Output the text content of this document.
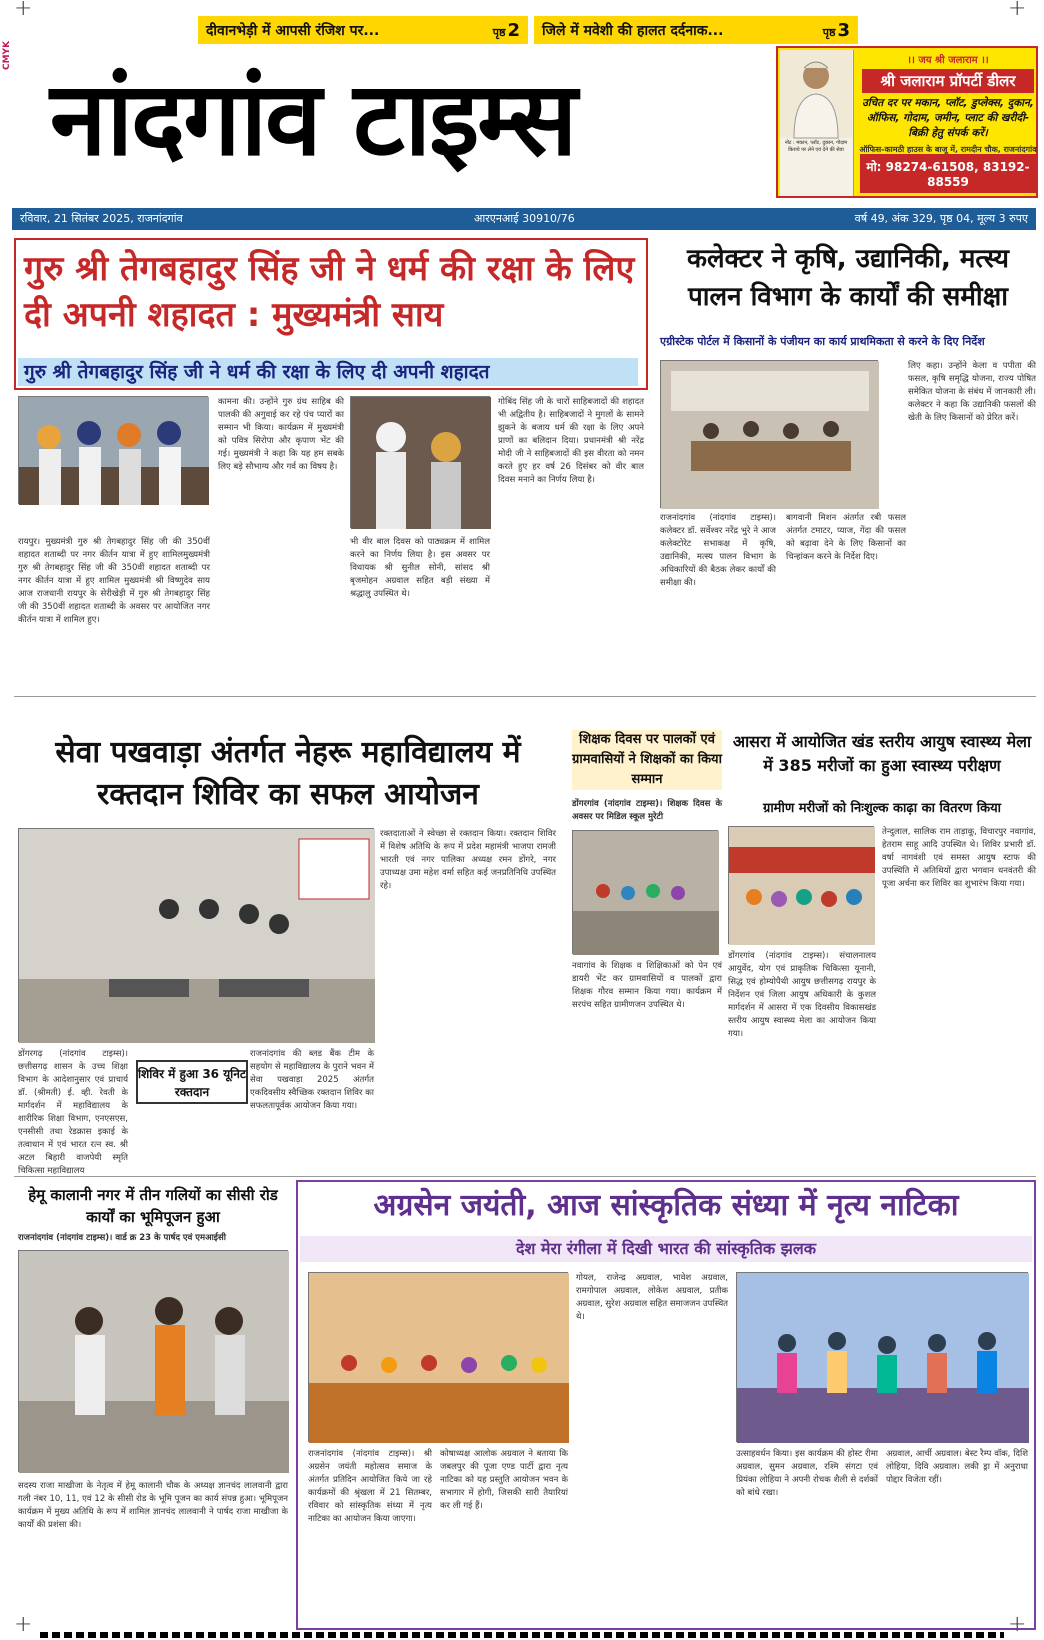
+	+
+	+
CMYK
दीवानभेड़ी में आपसी रंजिश पर...	पृष्ठ 2 जिले में मवेशी की हालत दर्दनाक...	पृष्ठ 3
नांदगांव टाइम्स	नोट : मकान, प्लॉट, दुकान, गोदाम किराये पर लेने एवं देने की सेवा
।। जय श्री जलाराम ।।
श्री जलाराम प्रॉपर्टी डीलर
उचित दर पर मकान, प्लॉट, डुप्लेक्स, दुकान, ऑफिस, गोदाम, जमीन, प्लाट की खरीदी-बिक्री हेतु संपर्क करें।
ऑफिस-कामठी हाउस के बाजू में, रामदीन चौक, राजनांदगांव
मो: 98274-61508, 83192-88559
रविवार, 21 सितंबर 2025, राजनांदगांव	आरएनआई 30910/76	वर्ष 49, अंक 329, पृष्ठ 04, मूल्य 3 रुपए
गुरु श्री तेगबहादुर सिंह जी ने धर्म की रक्षा के लिए दी अपनी शहादत : मुख्यमंत्री साय
गुरु श्री तेगबहादुर सिंह जी ने धर्म की रक्षा के लिए दी अपनी शहादत
रायपुर। मुख्यमंत्री गुरु श्री तेगबहादुर सिंह जी की 350वीं शहादत शताब्दी पर नगर कीर्तन यात्रा में हुए शामिलमुख्यमंत्री गुरु श्री तेगबहादुर सिंह जी की 350वीं शहादत शताब्दी पर नगर कीर्तन यात्रा में हुए शामिल मुख्यमंत्री श्री विष्णुदेव साय आज राजधानी रायपुर के सेरीखेड़ी में गुरु श्री तेगबहादुर सिंह जी की 350वीं शहादत शताब्दी के अवसर पर आयोजित नगर कीर्तन यात्रा में शामिल हुए।
कामना की। उन्होंने गुरु ग्रंथ साहिब की पालकी की अगुवाई कर रहे पंच प्यारों का सम्मान भी किया। कार्यक्रम में मुख्यमंत्री को पवित्र सिरोपा और कृपाण भेंट की गई। मुख्यमंत्री ने कहा कि यह हम सबके लिए बड़े सौभाग्य और गर्व का विषय है।
भी वीर बाल दिवस को पाठ्यक्रम में शामिल करने का निर्णय लिया है। इस अवसर पर विधायक श्री सुनील सोनी, सांसद श्री बृजमोहन अग्रवाल सहित बड़ी संख्या में श्रद्धालु उपस्थित थे।
गोबिंद सिंह जी के चारों साहिबजादों की शहादत भी अद्वितीय है। साहिबजादों ने मुगलों के सामने झुकने के बजाय धर्म की रक्षा के लिए अपने प्राणों का बलिदान दिया। प्रधानमंत्री श्री नरेंद्र मोदी जी ने साहिबजादों की इस वीरता को नमन करते हुए हर वर्ष 26 दिसंबर को वीर बाल दिवस मनाने का निर्णय लिया है।
कलेक्टर ने कृषि, उद्यानिकी, मत्स्य पालन विभाग के कार्यों की समीक्षा
एग्रीस्टेक पोर्टल में किसानों के पंजीयन का कार्य प्राथमिकता से करने के दिए निर्देश
राजनांदगांव (नांदगांव टाइम्स)। कलेक्टर डॉ. सर्वेश्वर नरेंद्र भुरे ने आज कलेक्टोरेट सभाकक्ष में कृषि, उद्यानिकी, मत्स्य पालन विभाग के अधिकारियों की बैठक लेकर कार्यों की समीक्षा की।
बागवानी मिशन अंतर्गत रबी फसल अंतर्गत टमाटर, प्याज, गेंदा की फसल को बढ़ावा देने के लिए किसानों का चिन्हांकन करने के निर्देश दिए।
लिए कहा। उन्होंने केला व पपीता की फसल, कृषि समृद्धि योजना, राज्य पोषित समेकित योजना के संबंध में जानकारी ली। कलेक्टर ने कहा कि उद्यानिकी फसलों की खेती के लिए किसानों को प्रेरित करें।
सेवा पखवाड़ा अंतर्गत नेहरू महाविद्यालय में रक्तदान शिविर का सफल आयोजन
डोंगरगढ़ (नांदगांव टाइम्स)। छत्तीसगढ़ शासन के उच्च शिक्षा विभाग के आदेशानुसार एवं प्राचार्य डॉ. (श्रीमती) ई. व्ही. रेवती के मार्गदर्शन में महाविद्यालय के शारीरिक शिक्षा विभाग, एनएसएस, एनसीसी तथा रेडक्रास इकाई के तत्वाधान में एवं भारत रत्न स्व. श्री अटल बिहारी वाजपेयी स्मृति चिकित्सा महाविद्यालय
शिविर में हुआ 36 यूनिट रक्तदान
राजनांदगांव की ब्लड बैंक टीम के सहयोग से महाविद्यालय के पुराने भवन में सेवा पखवाड़ा 2025 अंतर्गत एकदिवसीय स्वैच्छिक रक्तदान शिविर का सफलतापूर्वक आयोजन किया गया।
रक्तदाताओं ने स्वेच्छा से रक्तदान किया। रक्तदान शिविर में विशेष अतिथि के रूप में प्रदेश महामंत्री भाजपा रामजी भारती एवं नगर पालिका अध्यक्ष रमन डोंगरे, नगर उपाध्यक्ष उमा महेश वर्मा सहित कई जनप्रतिनिधि उपस्थित रहे।
शिक्षक दिवस पर पालकों एवं ग्रामवासियों ने शिक्षकों का किया सम्मान
डोंगरगांव (नांदगांव टाइम्स)। शिक्षक दिवस के अवसर पर मिडिल स्कूल मुरेटी
नवागांव के शिक्षक व शिक्षिकाओं को पेन एवं डायरी भेंट कर ग्रामवासियों व पालकों द्वारा शिक्षक गौरव सम्मान किया गया। कार्यक्रम में सरपंच सहित ग्रामीणजन उपस्थित थे।
आसरा में आयोजित खंड स्तरीय आयुष स्वास्थ्य मेला में 385 मरीजों का हुआ स्वास्थ्य परीक्षण
ग्रामीण मरीजों को निःशुल्क काढ़ा का वितरण किया
डोंगरगांव (नांदगांव टाइम्स)। संचालनालय आयुर्वेद, योग एवं प्राकृतिक चिकित्सा यूनानी, सिद्ध एवं होम्योपैथी आयुष छत्तीसगढ़ रायपुर के निर्देशन एवं जिला आयुष अधिकारी के कुशल मार्गदर्शन में आसरा में एक दिवसीय विकासखंड स्तरीय आयुष स्वास्थ्य मेला का आयोजन किया गया।
तेन्दुलाल, सालिक राम ताड़ाकू, विचारपुर नवागांव, हेतराम साहू आदि उपस्थित थे। शिविर प्रभारी डॉ. वर्षा नागवंशी एवं समस्त आयुष स्टाफ की उपस्थिति में अतिथियों द्वारा भगवान धनवंतरी की पूजा अर्चना कर शिविर का शुभारंभ किया गया।
हेमू कालानी नगर में तीन गलियों का सीसी रोड कार्यों का भूमिपूजन हुआ
राजनांदगांव (नांदगांव टाइम्स)। वार्ड क्र 23 के पार्षद एवं एमआईसी
सदस्य राजा माखीजा के नेतृत्व में हेमू कालानी चौक के अध्यक्ष ज्ञानचंद लालवानी द्वारा गली नंबर 10, 11, एवं 12 के सीसी रोड के भूमि पूजन का कार्य संपन्न हुआ। भूमिपूजन कार्यक्रम में मुख्य अतिथि के रूप में शामिल ज्ञानचंद लालवानी ने पार्षद राजा माखीजा के कार्यों की प्रशंसा की।
अग्रसेन जयंती, आज सांस्कृतिक संध्या में नृत्य नाटिका
देश मेरा रंगीला में दिखी भारत की सांस्कृतिक झलक
राजनांदगांव (नांदगांव टाइम्स)। श्री अग्रसेन जयंती महोत्सव समाज के अंतर्गत प्रतिदिन आयोजित किये जा रहे कार्यक्रमों की श्रृंखला में 21 सितम्बर, रविवार को सांस्कृतिक संध्या में नृत्य नाटिका का आयोजन किया जाएगा।
कोषाध्यक्ष आलोक अग्रवाल ने बताया कि जबलपुर की पूजा एण्ड पार्टी द्वारा नृत्य नाटिका को यह प्रस्तुति आयोजन भवन के सभागार में होगी, जिसकी सारी तैयारियां कर ली गई हैं।
गोयल, राजेन्द्र अग्रवाल, भावेश अग्रवाल, रामगोपाल अग्रवाल, लोकेश अग्रवाल, प्रतीक अग्रवाल, सुरेश अग्रवाल सहित समाजजन उपस्थित थे।
उत्साहवर्धन किया। इस कार्यक्रम की होस्ट रीमा अग्रवाल, सुमन अग्रवाल, रश्मि संगटा एवं प्रियंका लोहिया ने अपनी रोचक शैली से दर्शकों को बांधे रखा।
अग्रवाल, आर्ची अग्रवाल। बेस्ट रैम्प वॉक, दिशि लोहिया, दिवि अग्रवाल। लकी ड्रा में अनुराधा पोद्दार विजेता रहीं।
